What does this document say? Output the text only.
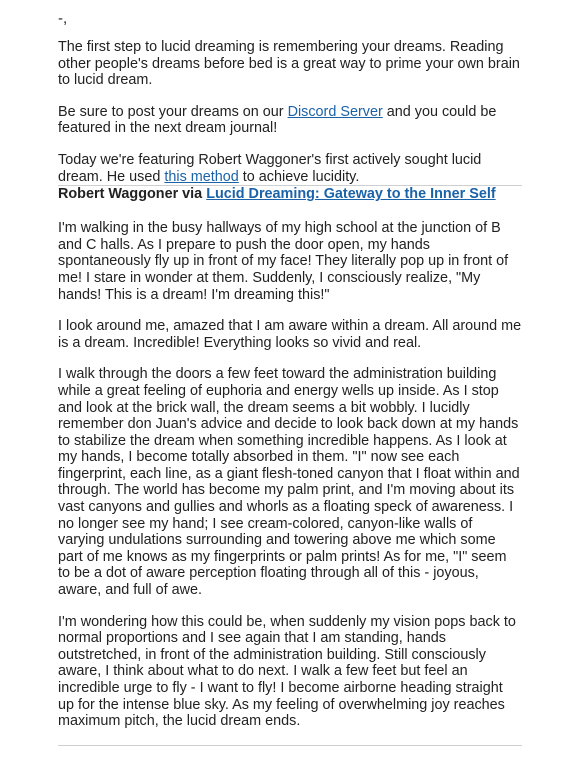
-,

The first step to lucid dreaming is remembering your dreams. Reading other people's dreams before bed is a great way to prime your own brain to lucid dream.

Be sure to post your dreams on our Discord Server and you could be featured in the next dream journal!

Today we're featuring Robert Waggoner's first actively sought lucid dream. He used this method to achieve lucidity.

Robert Waggoner via Lucid Dreaming: Gateway to the Inner Self

I'm walking in the busy hallways of my high school at the junction of B and C halls. As I prepare to push the door open, my hands spontaneously fly up in front of my face! They literally pop up in front of me! I stare in wonder at them. Suddenly, I consciously realize, "My hands! This is a dream! I'm dreaming this!"

I look around me, amazed that I am aware within a dream. All around me is a dream. Incredible! Everything looks so vivid and real.

I walk through the doors a few feet toward the administration building while a great feeling of euphoria and energy wells up inside. As I stop and look at the brick wall, the dream seems a bit wobbly. I lucidly remember don Juan's advice and decide to look back down at my hands to stabilize the dream when something incredible happens. As I look at my hands, I become totally absorbed in them. "I" now see each fingerprint, each line, as a giant flesh-toned canyon that I float within and through. The world has become my palm print, and I'm moving about its vast canyons and gullies and whorls as a floating speck of awareness. I no longer see my hand; I see cream-colored, canyon-like walls of varying undulations surrounding and towering above me which some part of me knows as my fingerprints or palm prints! As for me, "I" seem to be a dot of aware perception floating through all of this - joyous, aware, and full of awe.

I'm wondering how this could be, when suddenly my vision pops back to normal proportions and I see again that I am standing, hands outstretched, in front of the administration building. Still consciously aware, I think about what to do next. I walk a few feet but feel an incredible urge to fly - I want to fly! I become airborne heading straight up for the intense blue sky. As my feeling of overwhelming joy reaches maximum pitch, the lucid dream ends.
